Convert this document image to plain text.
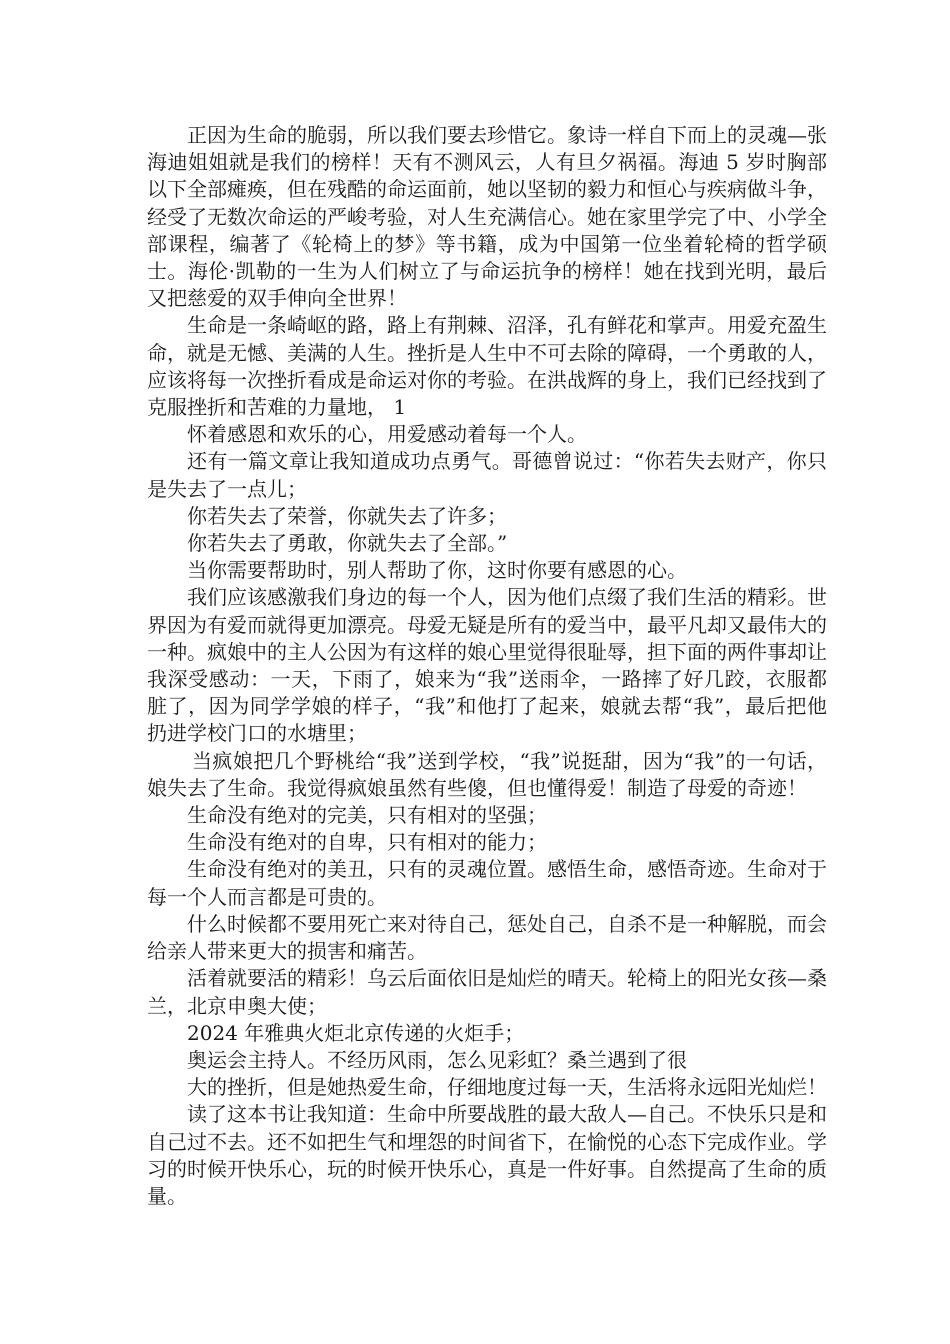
正因为生命的脆弱，所以我们要去珍惜它。象诗一样自下而上的灵魂—张海迪姐姐就是我们的榜样！天有不测风云，人有旦夕祸福。海迪 5 岁时胸部以下全部瘫痪，但在残酷的命运面前，她以坚韧的毅力和恒心与疾病做斗争，经受了无数次命运的严峻考验，对人生充满信心。她在家里学完了中、小学全部课程，编著了《轮椅上的梦》等书籍，成为中国第一位坐着轮椅的哲学硕士。海伦·凯勒的一生为人们树立了与命运抗争的榜样！她在找到光明，最后又把慈爱的双手伸向全世界！

生命是一条崎岖的路，路上有荆棘、沼泽，孔有鲜花和掌声。用爱充盈生命，就是无憾、美满的人生。挫折是人生中不可去除的障碍，一个勇敢的人，应该将每一次挫折看成是命运对你的考验。在洪战辉的身上，我们已经找到了克服挫折和苦难的力量地， 1

怀着感恩和欢乐的心，用爱感动着每一个人。

还有一篇文章让我知道成功点勇气。哥德曾说过：“你若失去财产，你只是失去了一点儿；

你若失去了荣誉，你就失去了许多；

你若失去了勇敢，你就失去了全部。”

当你需要帮助时，别人帮助了你，这时你要有感恩的心。

我们应该感激我们身边的每一个人，因为他们点缀了我们生活的精彩。世界因为有爱而就得更加漂亮。母爱无疑是所有的爱当中，最平凡却又最伟大的一种。疯娘中的主人公因为有这样的娘心里觉得很耻辱，担下面的两件事却让我深受感动：一天，下雨了，娘来为“我”送雨伞，一路摔了好几跤，衣服都脏了，因为同学学娘的样子，“我”和他打了起来，娘就去帮“我”，最后把他扔进学校门口的水塘里；

当疯娘把几个野桃给“我”送到学校，“我”说挺甜，因为“我”的一句话，娘失去了生命。我觉得疯娘虽然有些傻，但也懂得爱！制造了母爱的奇迹！

生命没有绝对的完美，只有相对的坚强；

生命没有绝对的自卑，只有相对的能力；

生命没有绝对的美丑，只有的灵魂位置。感悟生命，感悟奇迹。生命对于每一个人而言都是可贵的。

什么时候都不要用死亡来对待自己，惩处自己，自杀不是一种解脱，而会给亲人带来更大的损害和痛苦。

活着就要活的精彩！乌云后面依旧是灿烂的晴天。轮椅上的阳光女孩—桑兰，北京申奥大使；

2024 年雅典火炬北京传递的火炬手；

奥运会主持人。不经历风雨，怎么见彩虹？桑兰遇到了很

大的挫折，但是她热爱生命，仔细地度过每一天，生活将永远阳光灿烂！

读了这本书让我知道：生命中所要战胜的最大敌人—自己。不快乐只是和自己过不去。还不如把生气和埋怨的时间省下，在愉悦的心态下完成作业。学习的时候开快乐心，玩的时候开快乐心，真是一件好事。自然提高了生命的质量。
